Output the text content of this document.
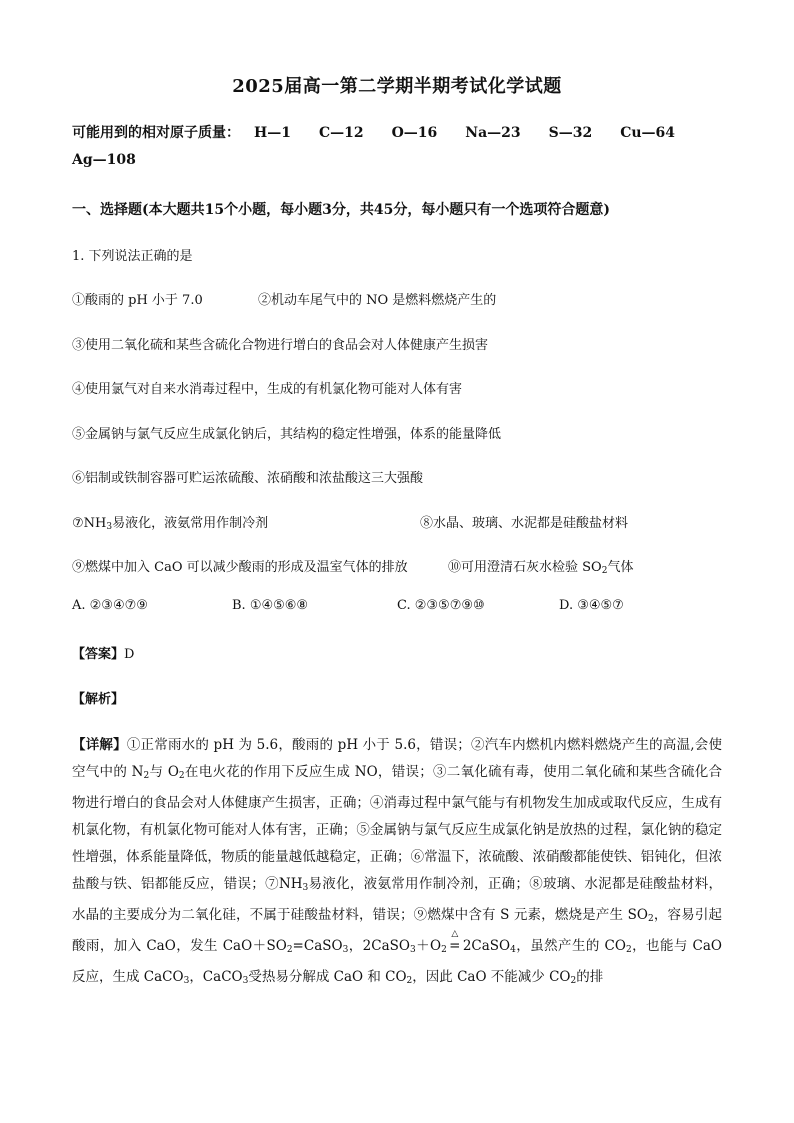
2025届高一第二学期半期考试化学试题
可能用到的相对原子质量： H—1 C—12 O—16 Na—23 S—32 Cu—64
Ag—108
一、选择题(本大题共15个小题，每小题3分，共45分，每小题只有一个选项符合题意)
1. 下列说法正确的是
①酸雨的 pH 小于 7.0	②机动车尾气中的 NO 是燃料燃烧产生的
③使用二氧化硫和某些含硫化合物进行增白的食品会对人体健康产生损害
④使用氯气对自来水消毒过程中，生成的有机氯化物可能对人体有害
⑤金属钠与氯气反应生成氯化钠后，其结构的稳定性增强，体系的能量降低
⑥铝制或铁制容器可贮运浓硫酸、浓硝酸和浓盐酸这三大强酸
$⑦NH_3$易液化，液氨常用作制冷剂	⑧水晶、玻璃、水泥都是硅酸盐材料
⑨燃煤中加入 CaO 可以减少酸雨的形成及温室气体的排放	⑩可用澄清石灰水检验 $SO_2$气体
A. ②③④⑦⑨	B. ①④⑤⑥⑧	C. ②③⑤⑦⑨⑩	D. ③④⑤⑦
【答案】D
【解析】
【详解】①正常雨水的 pH 为 5.6，酸雨的 pH 小于 5.6，错误；②汽车内燃机内燃料燃烧产生的高温,会使空气中的 $N_2$与 $O_2$在电火花的作用下反应生成 NO，错误；③二氧化硫有毒，使用二氧化硫和某些含硫化合物进行增白的食品会对人体健康产生损害，正确；④消毒过程中氯气能与有机物发生加成或取代反应，生成有机氯化物，有机氯化物可能对人体有害，正确；⑤金属钠与氯气反应生成氯化钠是放热的过程，氯化钠的稳定性增强，体系能量降低，物质的能量越低越稳定，正确；⑥常温下，浓硫酸、浓硝酸都能使铁、铝钝化，但浓盐酸与铁、铝都能反应，错误；$⑦NH_3$易液化，液氨常用作制冷剂，正确；⑧玻璃、水泥都是硅酸盐材料，水晶的主要成分为二氧化硅，不属于硅酸盐材料，错误；⑨燃煤中含有 S 元素，燃烧是产生 $SO_2$，容易引起酸雨，加入 CaO，发生 $CaO+SO_2=CaSO_3$，$2CaSO_3+O_2$
△
= 2CaSO$_4$，虽然产生的 $CO_2$，也能与 CaO 反应，生成 CaCO$_3$，CaCO$_3$受热易分解成 CaO 和 $CO_2$，因此 CaO 不能减少 $CO_2$的排
